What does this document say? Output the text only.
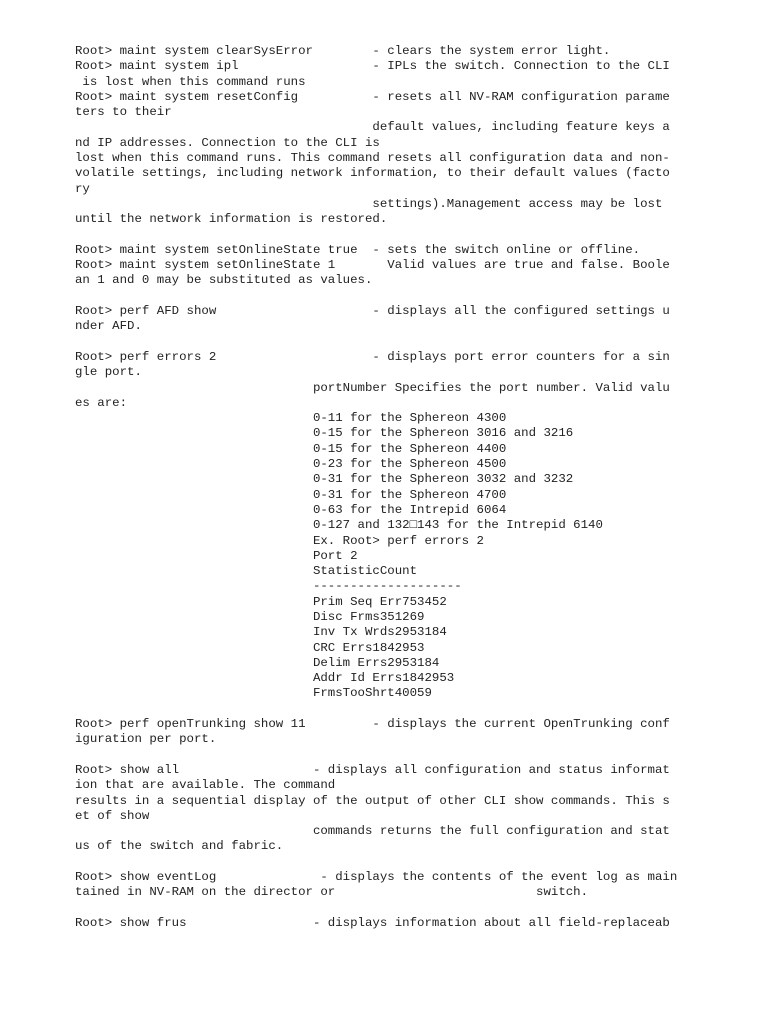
Root> maint system clearSysError        - clears the system error light.
Root> maint system ipl                  - IPLs the switch. Connection to the CLI
is lost when this command runs
Root> maint system resetConfig          - resets all NV-RAM configuration parame
ters to their
default values, including feature keys a
nd IP addresses. Connection to the CLI is
lost when this command runs. This command resets all configuration data and non-
volatile settings, including network information, to their default values (facto
ry
settings).Management access may be lost
until the network information is restored.
Root> maint system setOnlineState true  - sets the switch online or offline.
Root> maint system setOnlineState 1       Valid values are true and false. Boole
an 1 and 0 may be substituted as values.
Root> perf AFD show                     - displays all the configured settings u
nder AFD.
Root> perf errors 2                     - displays port error counters for a sin
gle port.
portNumber Specifies the port number. Valid valu
es are:
0-11 for the Sphereon 4300
0-15 for the Sphereon 3016 and 3216
0-15 for the Sphereon 4400
0-23 for the Sphereon 4500
0-31 for the Sphereon 3032 and 3232
0-31 for the Sphereon 4700
0-63 for the Intrepid 6064
0-127 and 132□143 for the Intrepid 6140
Ex. Root> perf errors 2
Port 2
StatisticCount
--------------------
Prim Seq Err753452
Disc Frms351269
Inv Tx Wrds2953184
CRC Errs1842953
Delim Errs2953184
Addr Id Errs1842953
FrmsTooShrt40059
Root> perf openTrunking show 11         - displays the current OpenTrunking conf
iguration per port.
Root> show all                  - displays all configuration and status informat
ion that are available. The command
results in a sequential display of the output of other CLI show commands. This s
et of show
commands returns the full configuration and stat
us of the switch and fabric.
Root> show eventLog              - displays the contents of the event log as main
tained in NV-RAM on the director or                           switch.
Root> show frus                 - displays information about all field-replaceab
